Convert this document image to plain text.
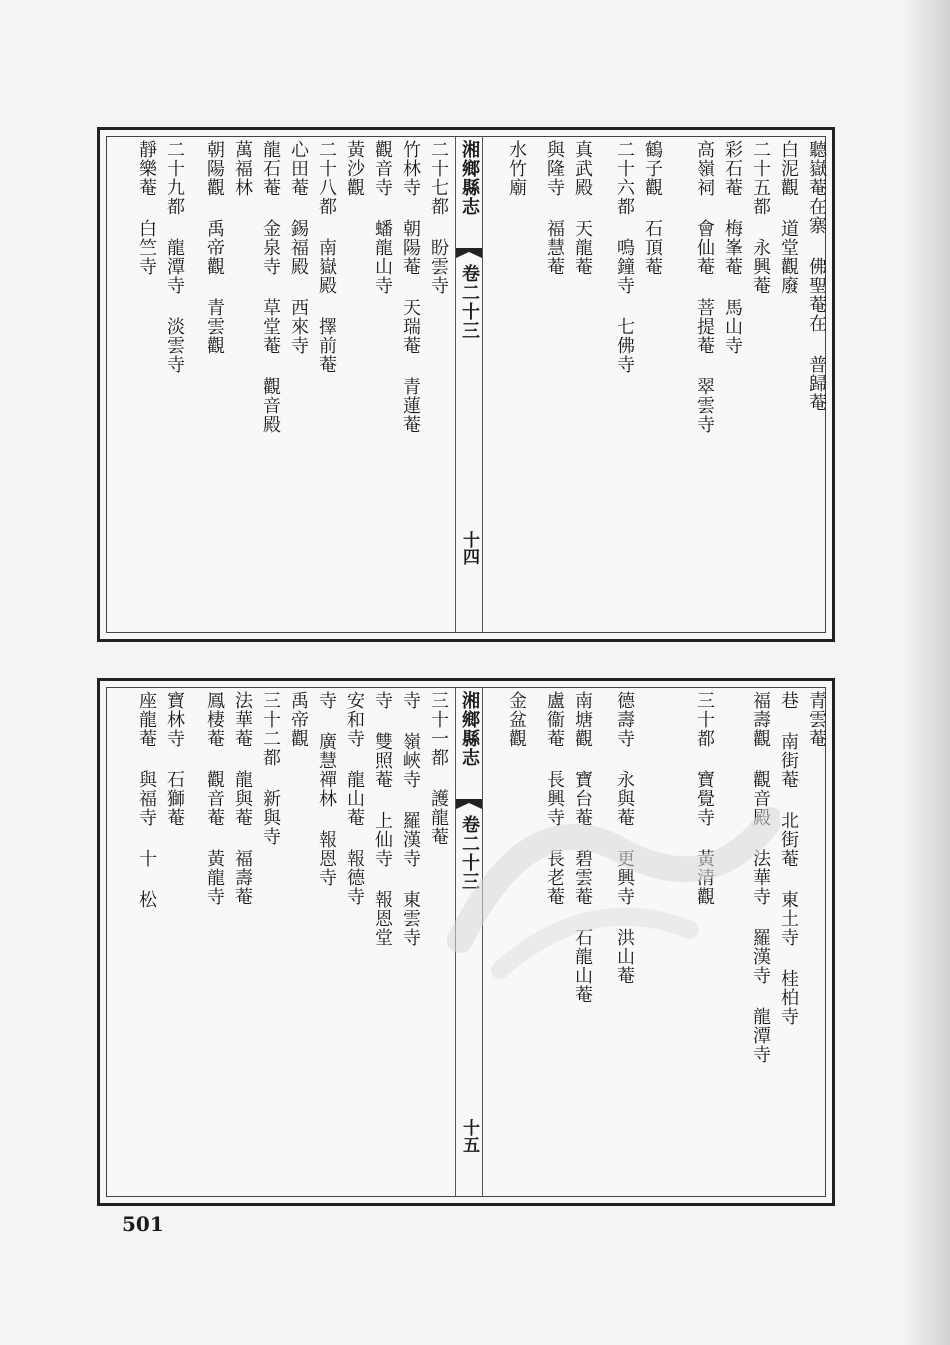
湘鄉縣志
卷二十三
十四
聽嶽菴在寨 佛聖菴在 普歸菴
白泥觀 道堂觀廢
二十五都 永興菴
彩石菴 梅峯菴 馬山寺
高嶺祠 會仙菴 菩提菴 翠雲寺
鶴子觀 石頂菴
二十六都 鳴鐘寺 七佛寺
真武殿 天龍菴
與隆寺 福慧菴
水竹廟
二十七都 盼雲寺
竹林寺 朝陽菴 天瑞菴 青蓮菴
觀音寺 蟠龍山寺
黃沙觀
二十八都 南嶽殿 擇前菴
心田菴 錫福殿 西來寺
龍石菴 金泉寺 草堂菴 觀音殿
萬福林
朝陽觀 禹帝觀 青雲觀
二十九都 龍潭寺 淡雲寺
靜樂菴 白竺寺
湘鄉縣志
卷二十三
十五
青雲菴
巷 南街菴 北街菴 東土寺 桂柏寺
福壽觀 觀音殿 法華寺 羅漢寺 龍潭寺
三十都 寶覺寺 黃清觀
德壽寺 永與菴 更興寺 洪山菴
南塘觀 寶台菴 碧雲菴 石龍山菴
盧衞菴 長興寺 長老菴
金盆觀
三十一都 護龍菴
寺 嶺峽寺 羅漢寺 東雲寺
寺 雙照菴 上仙寺 報恩堂
安和寺 龍山菴 報德寺
寺 廣慧禪林 報恩寺
禹帝觀
三十二都 新與寺
法華菴 龍與菴 福壽菴
鳳棲菴 觀音菴 黃龍寺
寶林寺 石獅菴
座龍菴 與福寺 十 松
501
